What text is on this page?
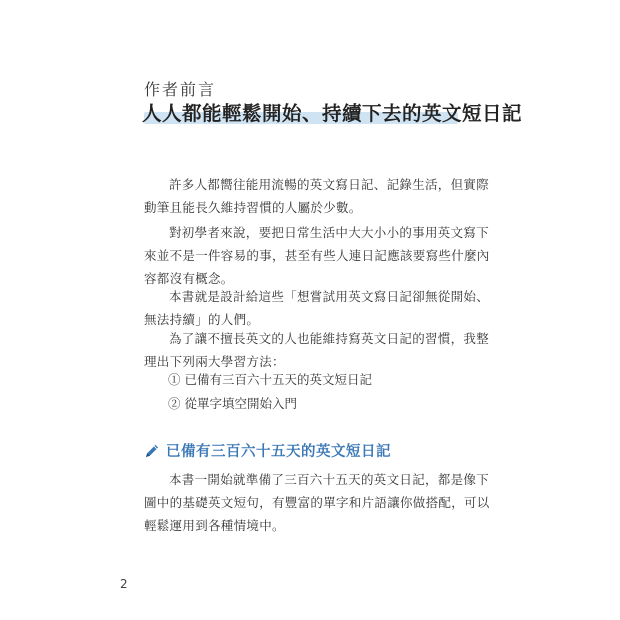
作者前言
人人都能輕鬆開始、持續下去的英文短日記

許多人都嚮往能用流暢的英文寫日記、記錄生活，但實際動筆且能長久維持習慣的人屬於少數。

對初學者來說，要把日常生活中大大小小的事用英文寫下來並不是一件容易的事，甚至有些人連日記應該要寫些什麼內容都沒有概念。

本書就是設計給這些「想嘗試用英文寫日記卻無從開始、無法持續」的人們。

為了讓不擅長英文的人也能維持寫英文日記的習慣，我整理出下列兩大學習方法：

① 已備有三百六十五天的英文短日記
② 從單字填空開始入門
已備有三百六十五天的英文短日記

本書一開始就準備了三百六十五天的英文日記，都是像下圖中的基礎英文短句，有豐富的單字和片語讓你做搭配，可以輕鬆運用到各種情境中。

2
